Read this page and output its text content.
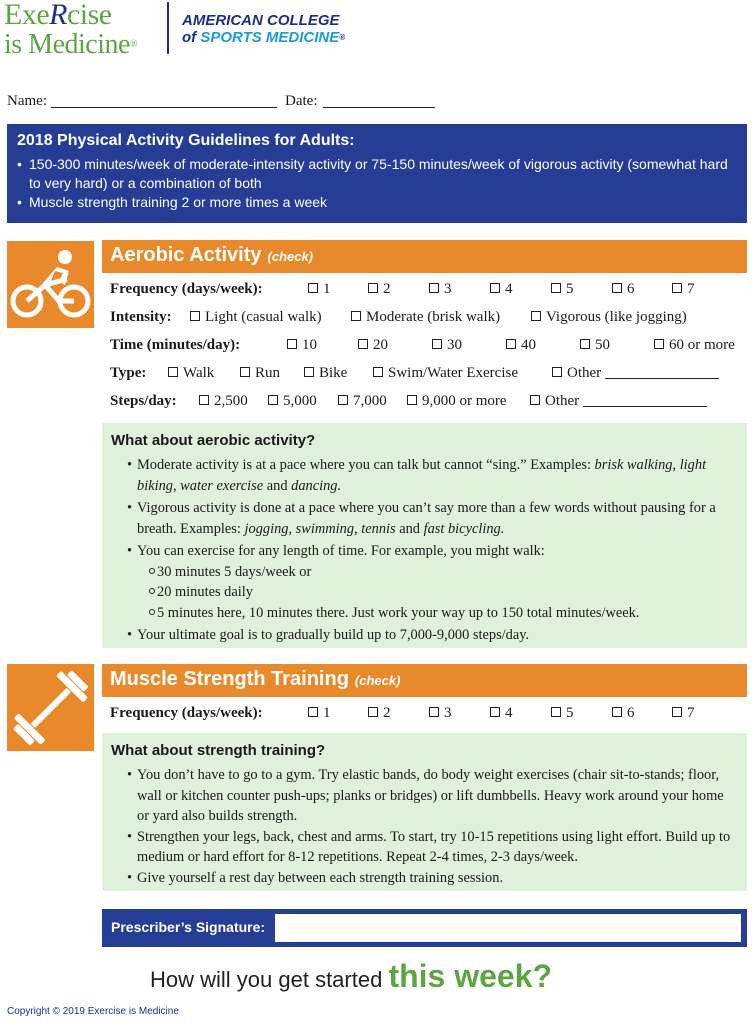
ExeRcise
is Medicine®
AMERICAN COLLEGE
of SPORTS MEDICINE®
Name:	Date:
2018 Physical Activity Guidelines for Adults:
• 150-300 minutes/week of moderate-intensity activity or 75-150 minutes/week of vigorous activity (somewhat hard to very hard) or a combination of both
• Muscle strength training 2 or more times a week
Aerobic Activity (check)
Frequency (days/week):	1	2	3	4	5	6	7
Intensity:	Light (casual walk)	Moderate (brisk walk)	Vigorous (like jogging)
Time (minutes/day):	10	20	30	40	50	60 or more
Type:	Walk	Run	Bike	Swim/Water Exercise	Other
Steps/day:	2,500	5,000	7,000	9,000 or more	Other
What about aerobic activity?
• Moderate activity is at a pace where you can talk but cannot “sing.” Examples: brisk walking, light biking, water exercise and dancing.
• Vigorous activity is done at a pace where you can’t say more than a few words without pausing for a breath. Examples: jogging, swimming, tennis and fast bicycling.
• You can exercise for any length of time. For example, you might walk:
30 minutes 5 days/week or
20 minutes daily
5 minutes here, 10 minutes there. Just work your way up to 150 total minutes/week.
• Your ultimate goal is to gradually build up to 7,000-9,000 steps/day.
Muscle Strength Training (check)
Frequency (days/week):	1	2	3	4	5	6	7
What about strength training?
• You don’t have to go to a gym. Try elastic bands, do body weight exercises (chair sit-to-stands; floor, wall or kitchen counter push-ups; planks or bridges) or lift dumbbells. Heavy work around your home or yard also builds strength.
• Strengthen your legs, back, chest and arms. To start, try 10-15 repetitions using light effort. Build up to medium or hard effort for 8-12 repetitions. Repeat 2-4 times, 2-3 days/week.
• Give yourself a rest day between each strength training session.
Prescriber’s Signature:
How will you get started this week?
Copyright © 2019 Exercise is Medicine
